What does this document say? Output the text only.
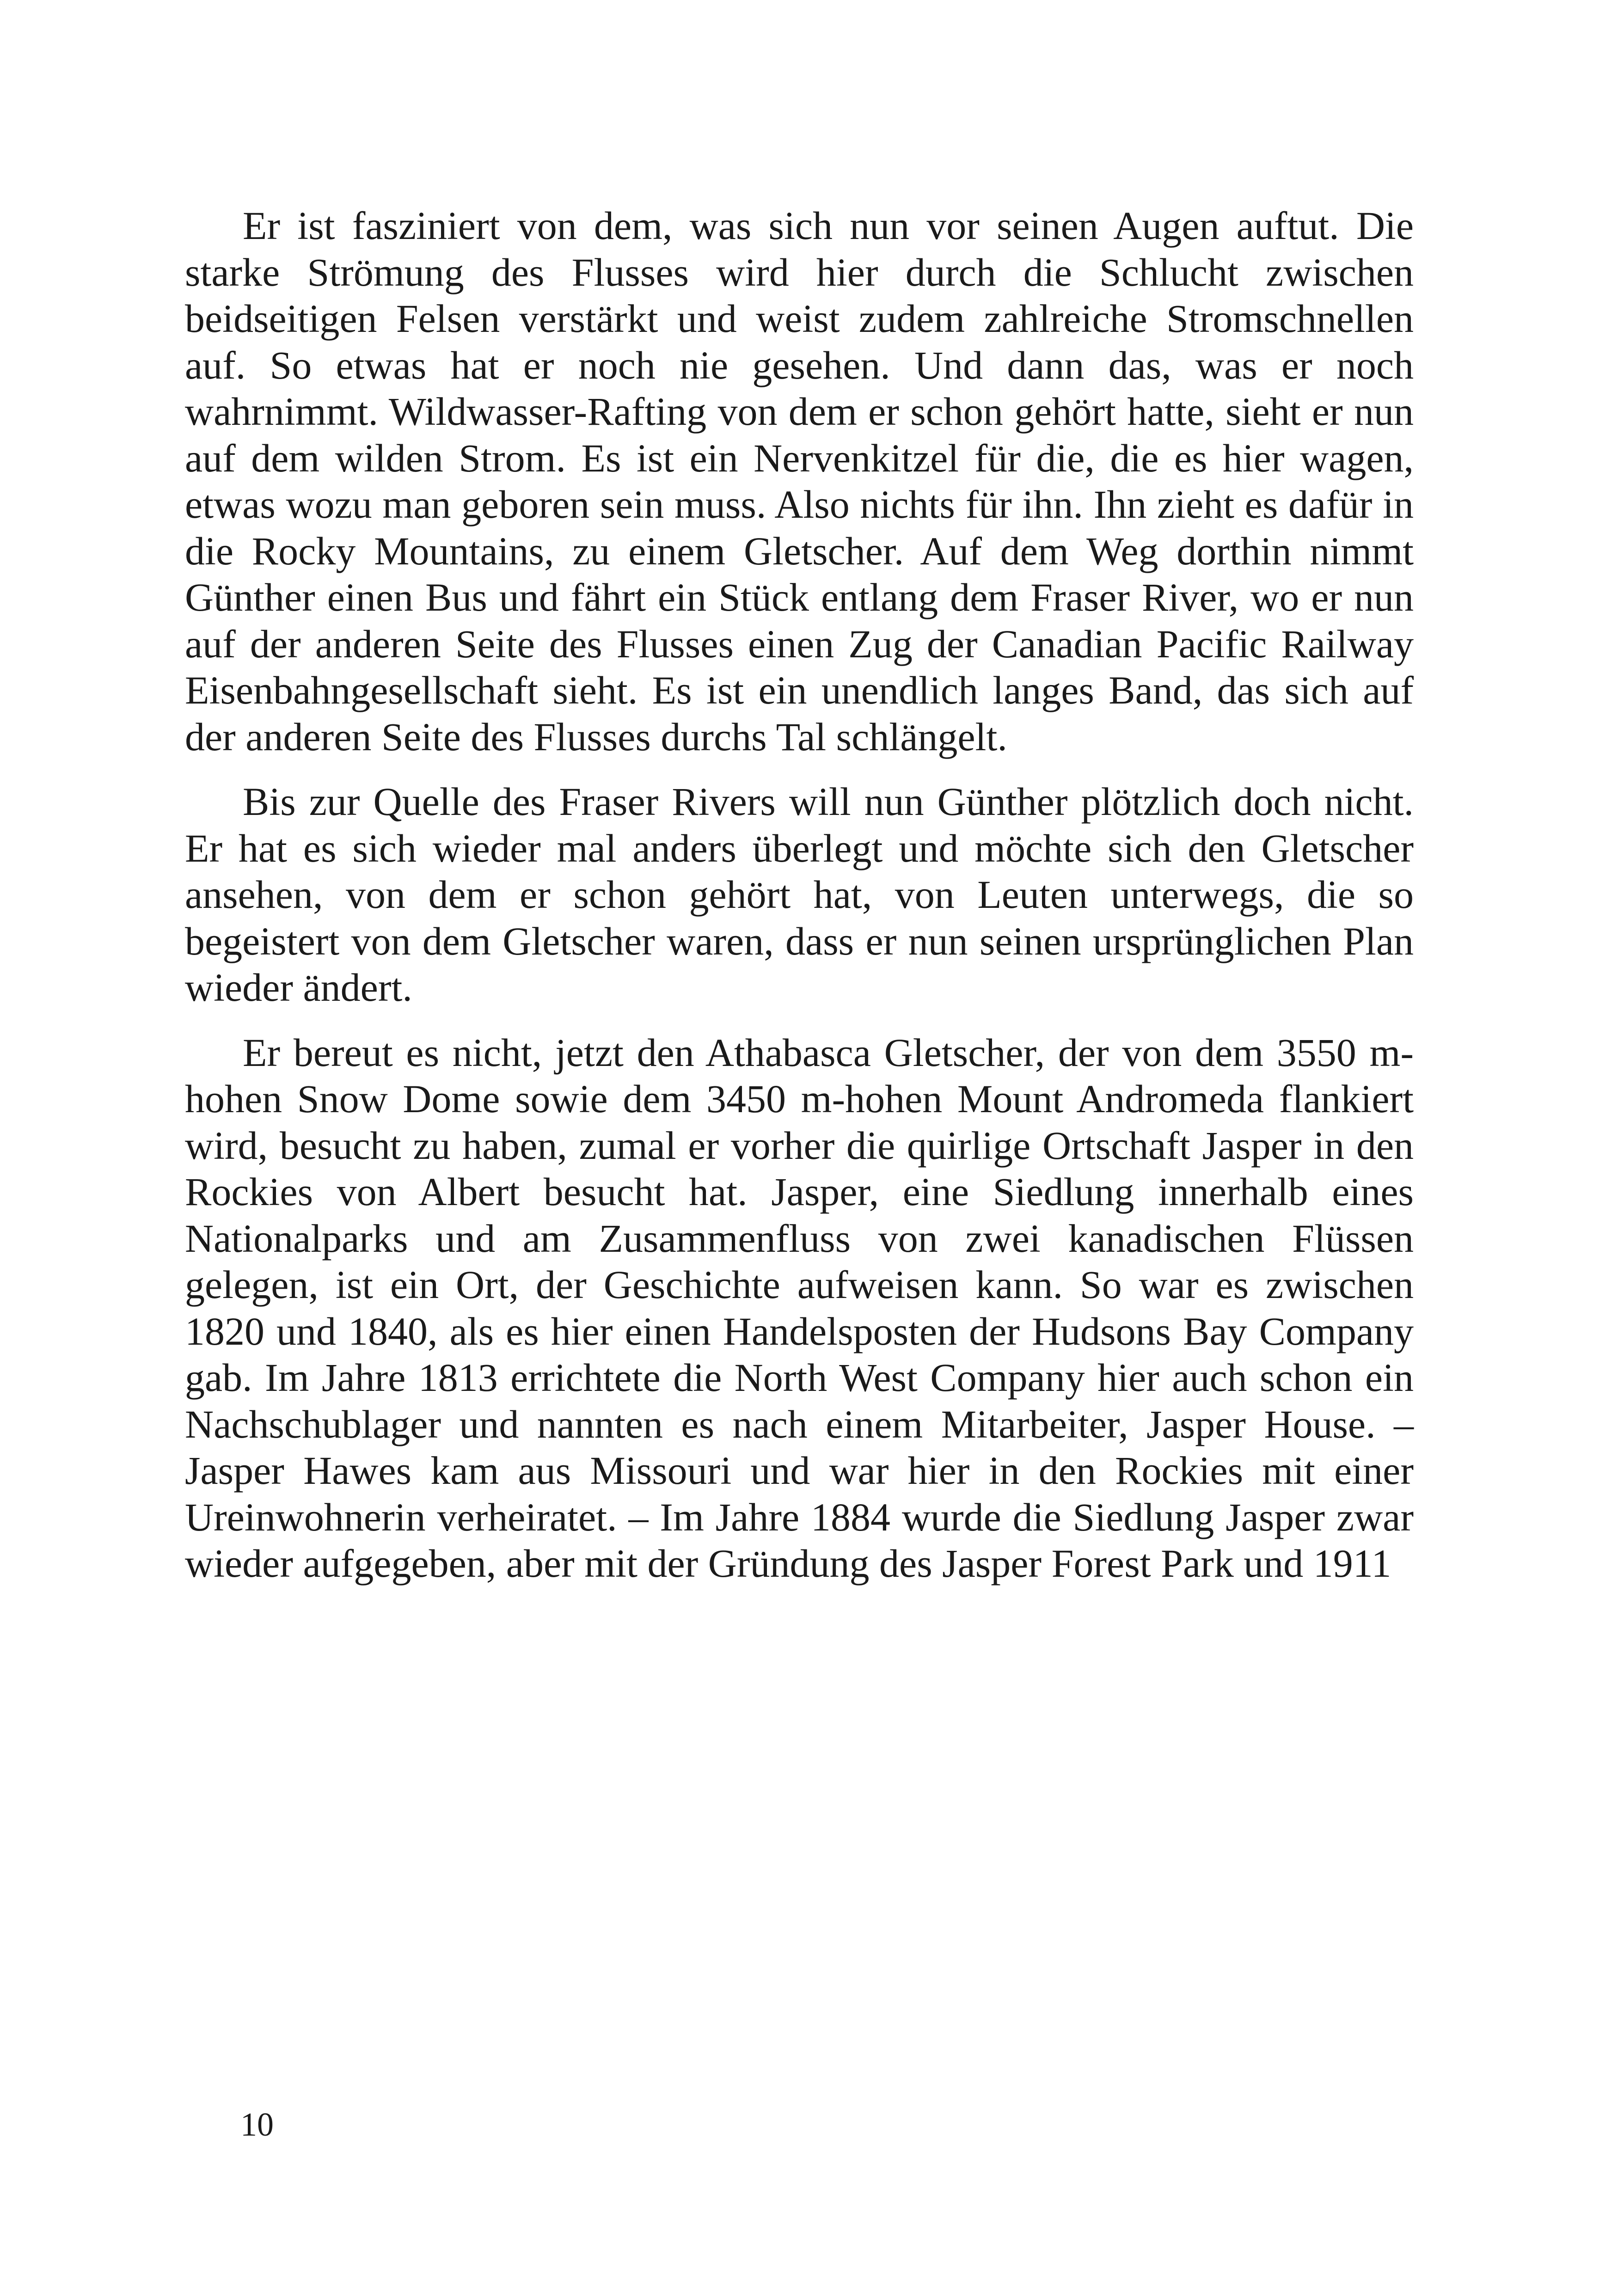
Er ist fasziniert von dem, was sich nun vor seinen Augen auftut. Die starke Strömung des Flusses wird hier durch die Schlucht zwischen beidseitigen Felsen verstärkt und weist zudem zahlreiche Stromschnellen auf. So etwas hat er noch nie gesehen. Und dann das, was er noch wahrnimmt. Wildwasser-Rafting von dem er schon gehört hatte, sieht er nun auf dem wilden Strom. Es ist ein Nervenkitzel für die, die es hier wagen, etwas wozu man geboren sein muss. Also nichts für ihn. Ihn zieht es dafür in die Rocky Mountains, zu einem Gletscher. Auf dem Weg dorthin nimmt Günther einen Bus und fährt ein Stück entlang dem Fraser River, wo er nun auf der anderen Seite des Flusses einen Zug der Canadian Pacific Railway Eisenbahngesellschaft sieht. Es ist ein unendlich langes Band, das sich auf der anderen Seite des Flusses durchs Tal schlängelt.

Bis zur Quelle des Fraser Rivers will nun Günther plötzlich doch nicht. Er hat es sich wieder mal anders überlegt und möchte sich den Gletscher ansehen, von dem er schon gehört hat, von Leuten unterwegs, die so begeistert von dem Gletscher waren, dass er nun seinen ursprünglichen Plan wieder ändert.

Er bereut es nicht, jetzt den Athabasca Gletscher, der von dem 3550 m-hohen Snow Dome sowie dem 3450 m-hohen Mount Andromeda flankiert wird, besucht zu haben, zumal er vorher die quirlige Ortschaft Jasper in den Rockies von Albert besucht hat. Jasper, eine Siedlung innerhalb eines Nationalparks und am Zusammenfluss von zwei kanadischen Flüssen gelegen, ist ein Ort, der Geschichte aufweisen kann. So war es zwischen 1820 und 1840, als es hier einen Handelsposten der Hudsons Bay Company gab. Im Jahre 1813 errichtete die North West Company hier auch schon ein Nachschublager und nannten es nach einem Mitarbeiter, Jasper House. – Jasper Hawes kam aus Missouri und war hier in den Rockies mit einer Ureinwohnerin verheiratet. – Im Jahre 1884 wurde die Siedlung Jasper zwar wieder aufgegeben, aber mit der Gründung des Jasper Forest Park und 1911

10
